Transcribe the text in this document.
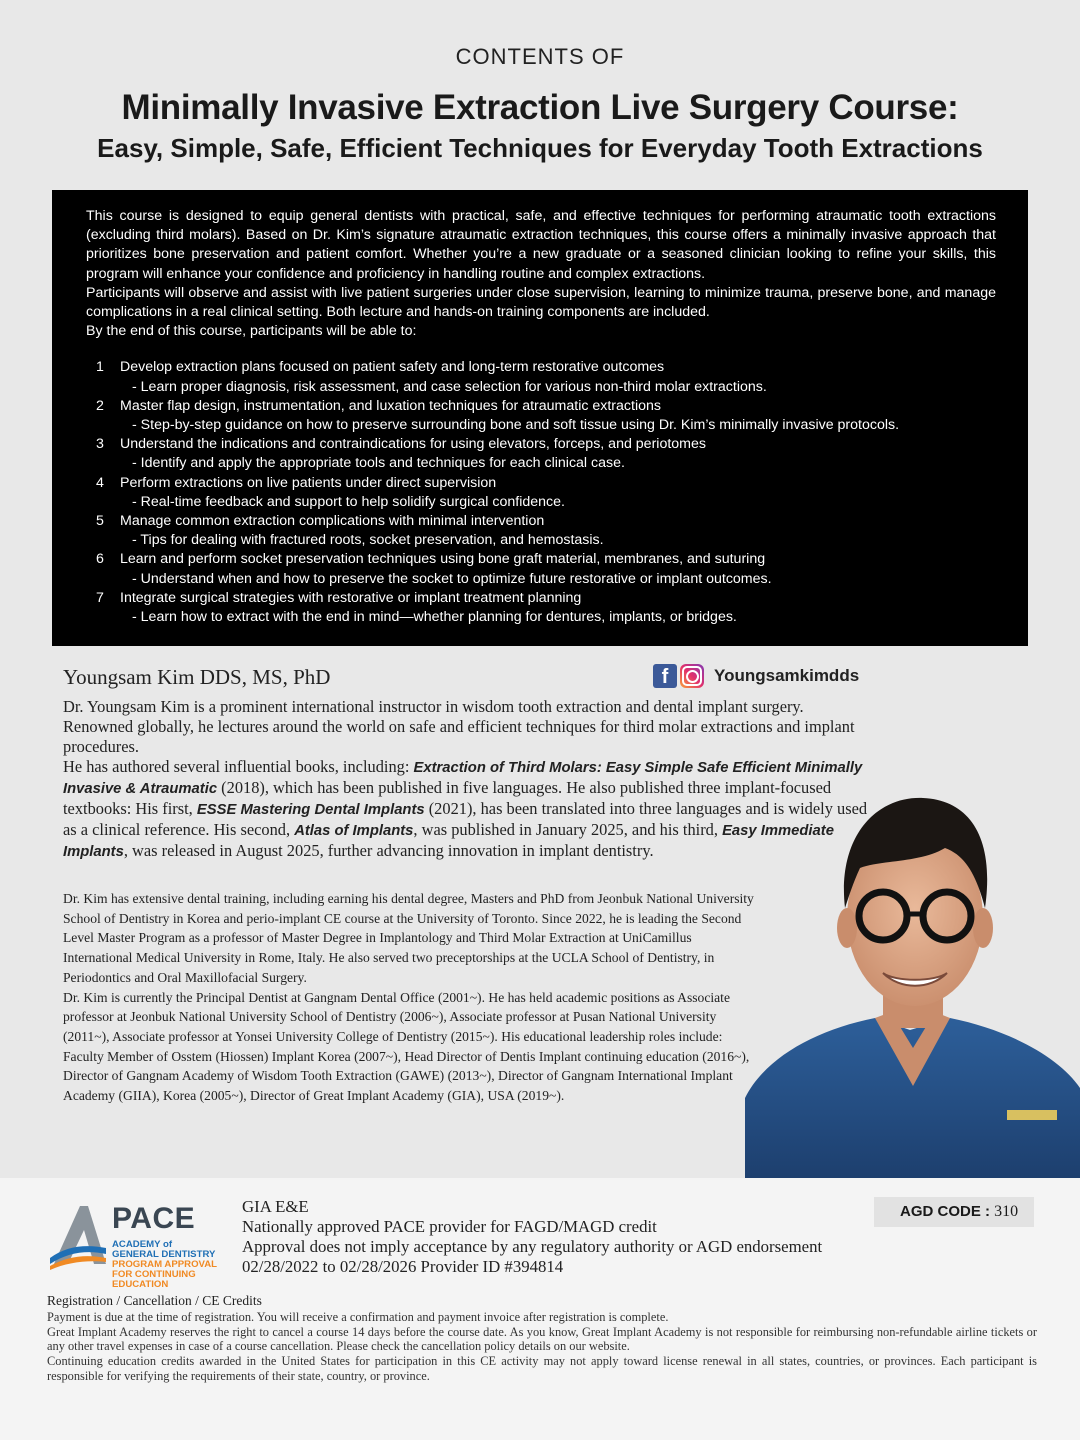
CONTENTS OF
Minimally Invasive Extraction Live Surgery Course:
Easy, Simple, Safe, Efficient Techniques for Everyday Tooth Extractions

This course is designed to equip general dentists with practical, safe, and effective techniques for performing atraumatic tooth extractions (excluding third molars). Based on Dr. Kim’s signature atraumatic extraction techniques, this course offers a minimally invasive approach that prioritizes bone preservation and patient comfort. Whether you’re a new graduate or a seasoned clinician looking to refine your skills, this program will enhance your confidence and proficiency in handling routine and complex extractions.

Participants will observe and assist with live patient surgeries under close supervision, learning to minimize trauma, preserve bone, and manage complications in a real clinical setting. Both lecture and hands-on training components are included.

By the end of this course, participants will be able to:

1	Develop extraction plans focused on patient safety and long-term restorative outcomes
- Learn proper diagnosis, risk assessment, and case selection for various non-third molar extractions.
2	Master flap design, instrumentation, and luxation techniques for atraumatic extractions
- Step-by-step guidance on how to preserve surrounding bone and soft tissue using Dr. Kim’s minimally invasive protocols.
3	Understand the indications and contraindications for using elevators, forceps, and periotomes
- Identify and apply the appropriate tools and techniques for each clinical case.
4	Perform extractions on live patients under direct supervision
- Real-time feedback and support to help solidify surgical confidence.
5	Manage common extraction complications with minimal intervention
- Tips for dealing with fractured roots, socket preservation, and hemostasis.
6	Learn and perform socket preservation techniques using bone graft material, membranes, and suturing
- Understand when and how to preserve the socket to optimize future restorative or implant outcomes.
7	Integrate surgical strategies with restorative or implant treatment planning
- Learn how to extract with the end in mind—whether planning for dentures, implants, or bridges.
Youngsam Kim DDS, MS, PhD	f	Youngsamkimdds

Dr. Youngsam Kim is a prominent international instructor in wisdom tooth extraction and dental implant surgery. Renowned globally, he lectures around the world on safe and efficient techniques for third molar extractions and implant procedures.

He has authored several influential books, including: Extraction of Third Molars: Easy Simple Safe Efficient Minimally Invasive & Atraumatic (2018), which has been published in five languages. He also published three implant-focused textbooks: His first, ESSE Mastering Dental Implants (2021), has been translated into three languages and is widely used as a clinical reference. His second, Atlas of Implants, was published in January 2025, and his third, Easy Immediate Implants, was released in August 2025, further advancing innovation in implant dentistry.

Dr. Kim has extensive dental training, including earning his dental degree, Masters and PhD from Jeonbuk National University School of Dentistry in Korea and perio-implant CE course at the University of Toronto. Since 2022, he is leading the Second Level Master Program as a professor of Master Degree in Implantology and Third Molar Extraction at UniCamillus International Medical University in Rome, Italy. He also served two preceptorships at the UCLA School of Dentistry, in Periodontics and Oral Maxillofacial Surgery.

Dr. Kim is currently the Principal Dentist at Gangnam Dental Office (2001~). He has held academic positions as Associate professor at Jeonbuk National University School of Dentistry (2006~), Associate professor at Pusan National University (2011~), Associate professor at Yonsei University College of Dentistry (2015~). His educational leadership roles include: Faculty Member of Osstem (Hiossen) Implant Korea (2007~), Head Director of Dentis Implant continuing education (2016~), Director of Gangnam Academy of Wisdom Tooth Extraction (GAWE) (2013~), Director of Gangnam International Implant Academy (GIIA), Korea (2005~), Director of Great Implant Academy (GIA), USA (2019~).

PACE
ACADEMY of
GENERAL DENTISTRY
PROGRAM APPROVAL
FOR CONTINUING
EDUCATION
GIA E&E
Nationally approved PACE provider for FAGD/MAGD credit
Approval does not imply acceptance by any regulatory authority or AGD endorsement
02/28/2022 to 02/28/2026 Provider ID #394814
AGD CODE : 310
Registration / Cancellation / CE Credits

Payment is due at the time of registration. You will receive a confirmation and payment invoice after registration is complete.

Great Implant Academy reserves the right to cancel a course 14 days before the course date. As you know, Great Implant Academy is not responsible for reimbursing non-refundable airline tickets or any other travel expenses in case of a course cancellation. Please check the cancellation policy details on our website.

Continuing education credits awarded in the United States for participation in this CE activity may not apply toward license renewal in all states, countries, or provinces. Each participant is responsible for verifying the requirements of their state, country, or province.
